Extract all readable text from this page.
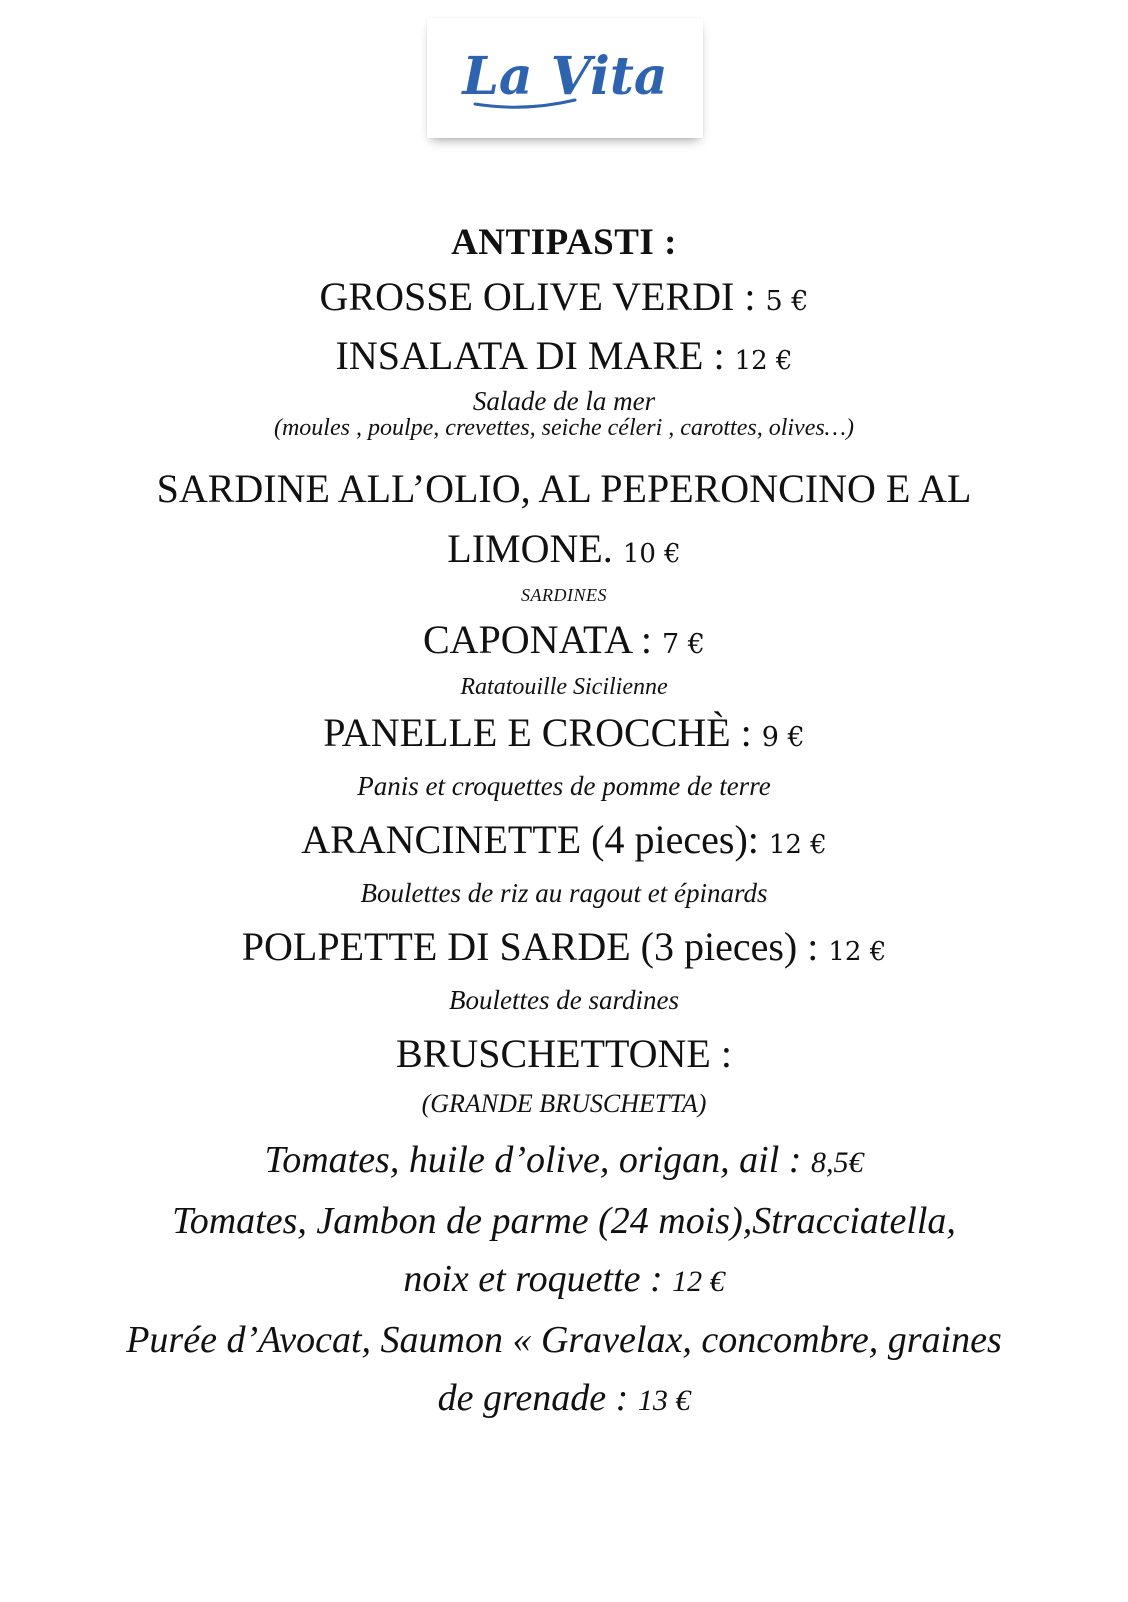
La Vita

ANTIPASTI :

GROSSE OLIVE VERDI : 5 €

INSALATA DI MARE : 12 €

Salade de la mer

(moules , poulpe, crevettes, seiche céleri , carottes, olives…)

SARDINE ALL’OLIO, AL PEPERONCINO E AL

LIMONE. 10 €

SARDINES

CAPONATA : 7 €

Ratatouille Sicilienne

PANELLE E CROCCHÈ : 9 €

Panis et croquettes de pomme de terre

ARANCINETTE (4 pieces): 12 €

Boulettes de riz au ragout et épinards

POLPETTE DI SARDE (3 pieces) : 12 €

Boulettes de sardines

BRUSCHETTONE :

(GRANDE BRUSCHETTA)

Tomates, huile d’olive, origan, ail : 8,5€

Tomates, Jambon de parme (24 mois),Stracciatella,

noix et roquette : 12 €

Purée d’Avocat, Saumon « Gravelax, concombre, graines

de grenade : 13 €
